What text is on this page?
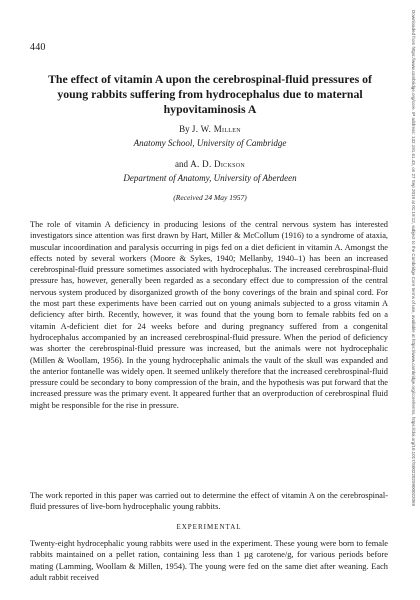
440	Downloaded from https://www.cambridge.org/core. IP address: 132.191.61.43, on 27 Sep 2019 at 01:19:12, subject to the Cambridge Core terms of use, available at https://www.cambridge.org/core/terms. https://doi.org/10.1017/S0022029900022069
The effect of vitamin A upon the cerebrospinal-fluid pressures of young rabbits suffering from hydrocephalus due to maternal hypovitaminosis A

By J. W. Millen

Anatomy School, University of Cambridge

and A. D. Dickson

Department of Anatomy, University of Aberdeen

(Received 24 May 1957)

The role of vitamin A deficiency in producing lesions of the central nervous system has interested investigators since attention was first drawn by Hart, Miller & McCollum (1916) to a syndrome of ataxia, muscular incoordination and paralysis occurring in pigs fed on a diet deficient in vitamin A. Amongst the effects noted by several workers (Moore & Sykes, 1940; Mellanby, 1940–1) has been an increased cerebrospinal-fluid pressure sometimes associated with hydrocephalus. The increased cerebrospinal-fluid pressure has, however, generally been regarded as a secondary effect due to compression of the central nervous system produced by disorganized growth of the bony coverings of the brain and spinal cord. For the most part these experiments have been carried out on young animals subjected to a gross vitamin A deficiency after birth. Recently, however, it was found that the young born to female rabbits fed on a vitamin A-deficient diet for 24 weeks before and during pregnancy suffered from a congenital hydrocephalus accompanied by an increased cerebrospinal-fluid pressure. When the period of deficiency was shorter the cerebrospinal-fluid pressure was increased, but the animals were not hydrocephalic (Millen & Woollam, 1956). In the young hydrocephalic animals the vault of the skull was expanded and the anterior fontanelle was widely open. It seemed unlikely therefore that the increased cerebrospinal-fluid pressure could be secondary to bony compression of the brain, and the hypothesis was put forward that the increased pressure was the primary event. It appeared further that an overproduction of cerebrospinal fluid might be responsible for the rise in pressure.

The work reported in this paper was carried out to determine the effect of vitamin A on the cerebrospinal-fluid pressures of live-born hydrocephalic young rabbits.

EXPERIMENTAL

Twenty-eight hydrocephalic young rabbits were used in the experiment. These young were born to female rabbits maintained on a pellet ration, containing less than 1 µg carotene/g, for various periods before mating (Lamming, Woollam & Millen, 1954). The young were fed on the same diet after weaning. Each adult rabbit received
